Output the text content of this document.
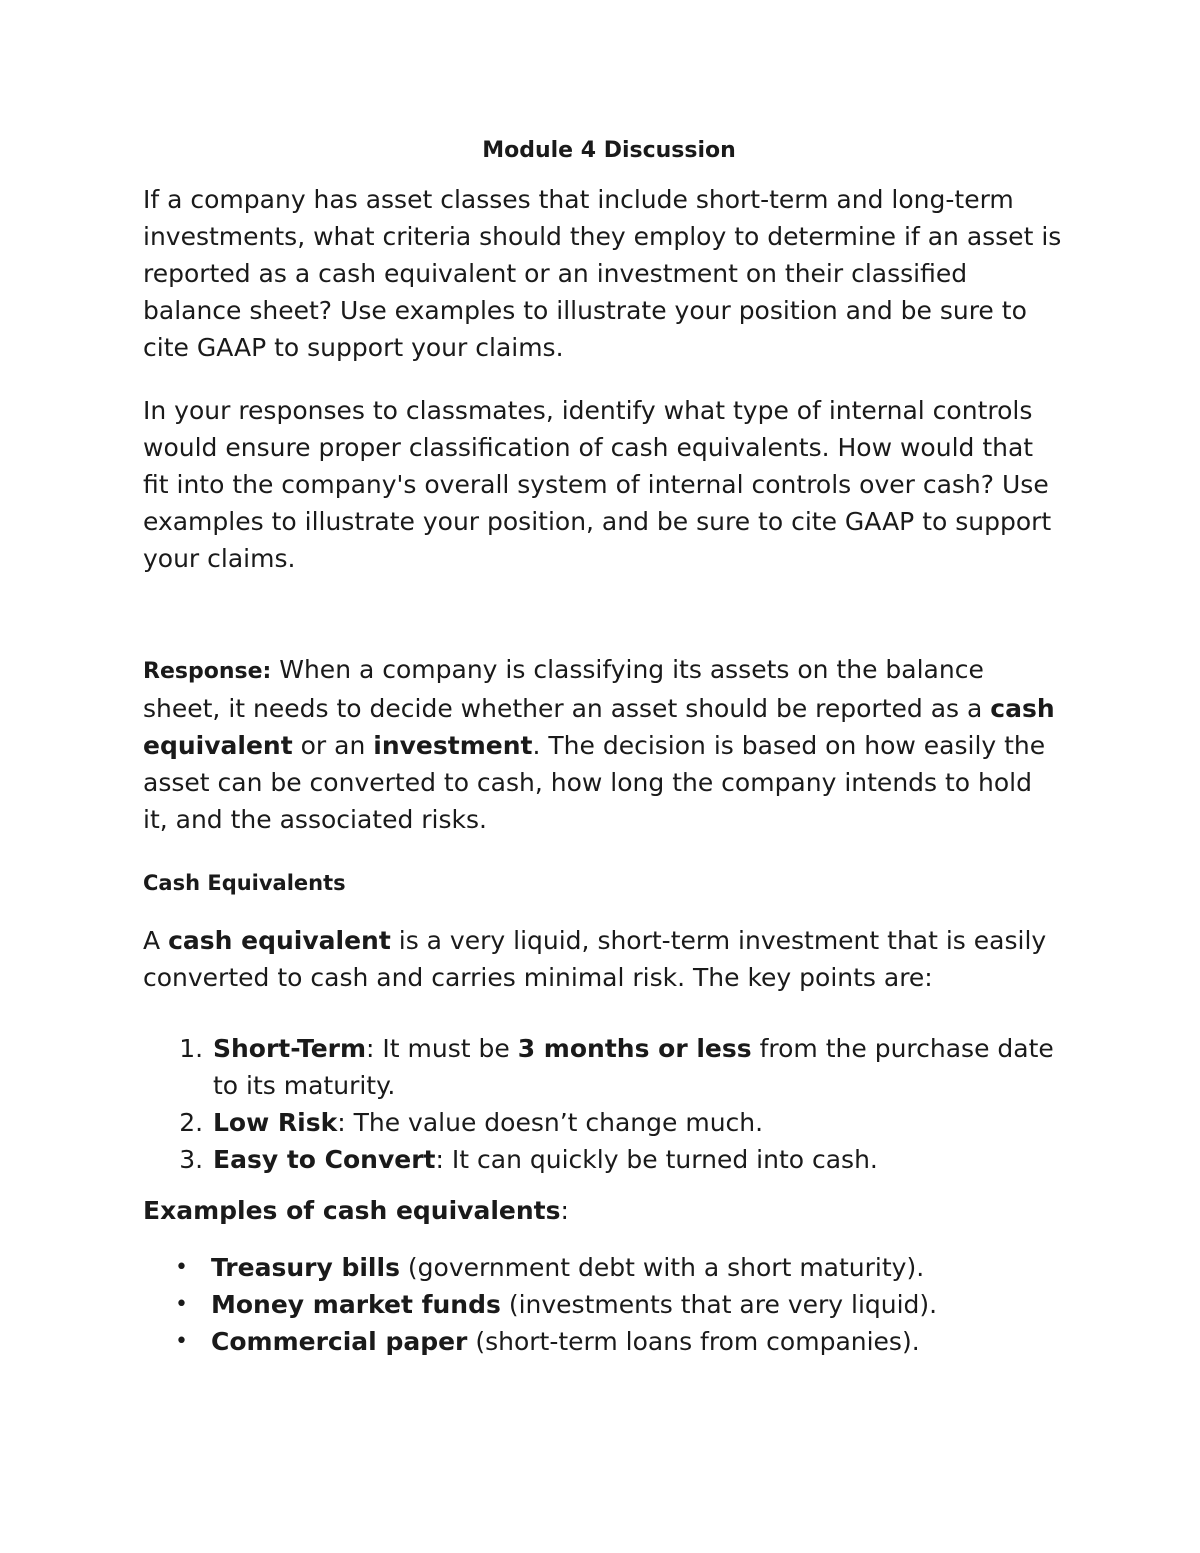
Module 4 Discussion

If a company has asset classes that include short-term and long-term investments, what criteria should they employ to determine if an asset is reported as a cash equivalent or an investment on their classified balance sheet? Use examples to illustrate your position and be sure to cite GAAP to support your claims.

In your responses to classmates, identify what type of internal controls would ensure proper classification of cash equivalents. How would that fit into the company's overall system of internal controls over cash? Use examples to illustrate your position, and be sure to cite GAAP to support your claims.

Response: When a company is classifying its assets on the balance sheet, it needs to decide whether an asset should be reported as a cash equivalent or an investment. The decision is based on how easily the asset can be converted to cash, how long the company intends to hold it, and the associated risks.

Cash Equivalents

A cash equivalent is a very liquid, short-term investment that is easily converted to cash and carries minimal risk. The key points are:

1. Short-Term: It must be 3 months or less from the purchase date to its maturity.
2. Low Risk: The value doesn’t change much.
3. Easy to Convert: It can quickly be turned into cash.

Examples of cash equivalents:

• Treasury bills (government debt with a short maturity).
• Money market funds (investments that are very liquid).
• Commercial paper (short-term loans from companies).
